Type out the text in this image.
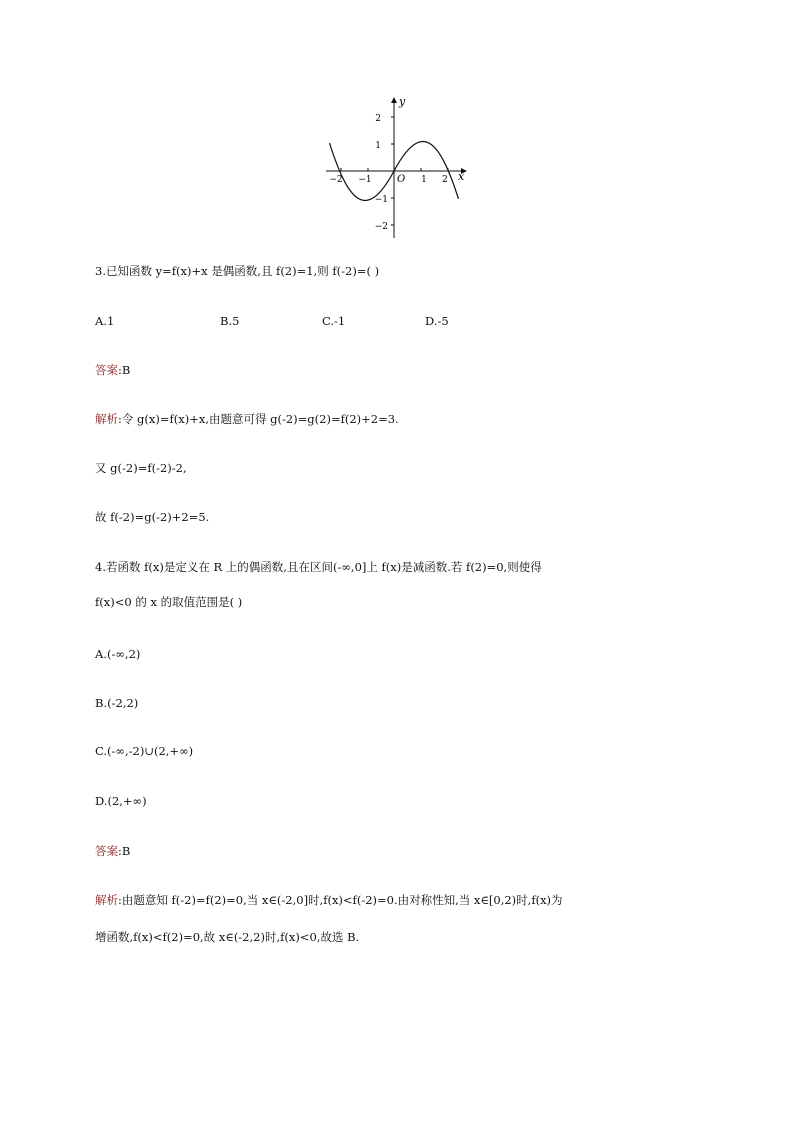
y
x
O
2
1
−1
−2
−2 −1	1 2
3.已知函数 y=f(x)+x 是偶函数,且 f(2)=1,则 f(-2)=( )
A.1	B.5	C.-1	D.-5
答案:B
解析:令 g(x)=f(x)+x,由题意可得 g(-2)=g(2)=f(2)+2=3.
又 g(-2)=f(-2)-2,
故 f(-2)=g(-2)+2=5.
4.若函数 f(x)是定义在 R 上的偶函数,且在区间(-∞,0]上 f(x)是减函数.若 f(2)=0,则使得
f(x)<0 的 x 的取值范围是( )
A.(-∞,2)
B.(-2,2)
C.(-∞,-2)∪(2,+∞)
D.(2,+∞)
答案:B
解析:由题意知 f(-2)=f(2)=0,当 x∈(-2,0]时,f(x)<f(-2)=0.由对称性知,当 x∈[0,2)时,f(x)为
增函数,f(x)<f(2)=0,故 x∈(-2,2)时,f(x)<0,故选 B.
